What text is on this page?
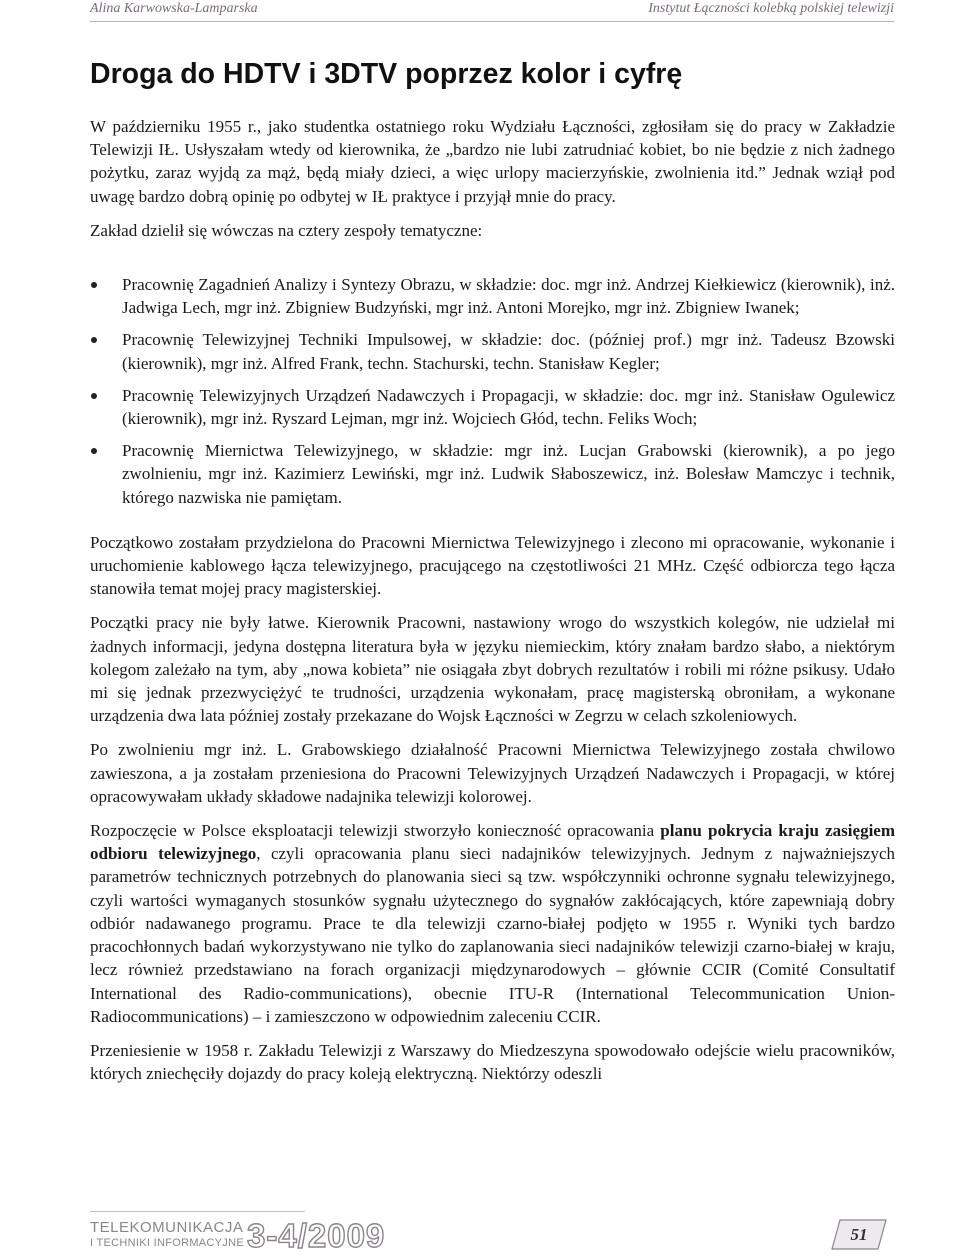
Alina Karwowska-Lamparska	Instytut Łączności kolebką polskiej telewizji
Droga do HDTV i 3DTV poprzez kolor i cyfrę

W październiku 1955 r., jako studentka ostatniego roku Wydziału Łączności, zgłosiłam się do pracy w Zakładzie Telewizji IŁ. Usłyszałam wtedy od kierownika, że „bardzo nie lubi zatrudniać kobiet, bo nie będzie z nich żadnego pożytku, zaraz wyjdą za mąż, będą miały dzieci, a więc urlopy macierzyńskie, zwolnienia itd.” Jednak wziął pod uwagę bardzo dobrą opinię po odbytej w IŁ praktyce i przyjął mnie do pracy.

Zakład dzielił się wówczas na cztery zespoły tematyczne:

Pracownię Zagadnień Analizy i Syntezy Obrazu, w składzie: doc. mgr inż. Andrzej Kiełkiewicz (kierownik), inż. Jadwiga Lech, mgr inż. Zbigniew Budzyński, mgr inż. Antoni Morejko, mgr inż. Zbigniew Iwanek;
Pracownię Telewizyjnej Techniki Impulsowej, w składzie: doc. (później prof.) mgr inż. Tadeusz Bzowski (kierownik), mgr inż. Alfred Frank, techn. Stachurski, techn. Stanisław Kegler;
Pracownię Telewizyjnych Urządzeń Nadawczych i Propagacji, w składzie: doc. mgr inż. Stanisław Ogulewicz (kierownik), mgr inż. Ryszard Lejman, mgr inż. Wojciech Głód, techn. Feliks Woch;
Pracownię Miernictwa Telewizyjnego, w składzie: mgr inż. Lucjan Grabowski (kierownik), a po jego zwolnieniu, mgr inż. Kazimierz Lewiński, mgr inż. Ludwik Słaboszewicz, inż. Bolesław Mamczyc i technik, którego nazwiska nie pamiętam.

Początkowo zostałam przydzielona do Pracowni Miernictwa Telewizyjnego i zlecono mi opracowanie, wykonanie i uruchomienie kablowego łącza telewizyjnego, pracującego na częstotliwości 21 MHz. Część odbiorcza tego łącza stanowiła temat mojej pracy magisterskiej.

Początki pracy nie były łatwe. Kierownik Pracowni, nastawiony wrogo do wszystkich kolegów, nie udzielał mi żadnych informacji, jedyna dostępna literatura była w języku niemieckim, który znałam bardzo słabo, a niektórym kolegom zależało na tym, aby „nowa kobieta” nie osiągała zbyt dobrych rezultatów i robili mi różne psikusy. Udało mi się jednak przezwyciężyć te trudności, urządzenia wykonałam, pracę magisterską obroniłam, a wykonane urządzenia dwa lata później zostały przekazane do Wojsk Łączności w Zegrzu w celach szkoleniowych.

Po zwolnieniu mgr inż. L. Grabowskiego działalność Pracowni Miernictwa Telewizyjnego została chwilowo zawieszona, a ja zostałam przeniesiona do Pracowni Telewizyjnych Urządzeń Nadawczych i Propagacji, w której opracowywałam układy składowe nadajnika telewizji kolorowej.

Rozpoczęcie w Polsce eksploatacji telewizji stworzyło konieczność opracowania planu pokrycia kraju zasięgiem odbioru telewizyjnego, czyli opracowania planu sieci nadajników telewizyjnych. Jednym z najważniejszych parametrów technicznych potrzebnych do planowania sieci są tzw. współczynniki ochronne sygnału telewizyjnego, czyli wartości wymaganych stosunków sygnału użytecznego do sygnałów zakłócających, które zapewniają dobry odbiór nadawanego programu. Prace te dla telewizji czarno-białej podjęto w 1955 r. Wyniki tych bardzo pracochłonnych badań wykorzystywano nie tylko do zaplanowania sieci nadajników telewizji czarno-białej w kraju, lecz również przedstawiano na forach organizacji międzynarodowych – głównie CCIR (Comité Consultatif International des Radio-communications), obecnie ITU-R (International Telecommunication Union-Radiocommunications) – i zamieszczono w odpowiednim zaleceniu CCIR.

Przeniesienie w 1958 r. Zakładu Telewizji z Warszawy do Miedzeszyna spowodowało odejście wielu pracowników, których zniechęciły dojazdy do pracy koleją elektryczną. Niektórzy odeszli

TELEKOMUNIKACJA
I TECHNIKI INFORMACYJNE 3-4/2009	51
